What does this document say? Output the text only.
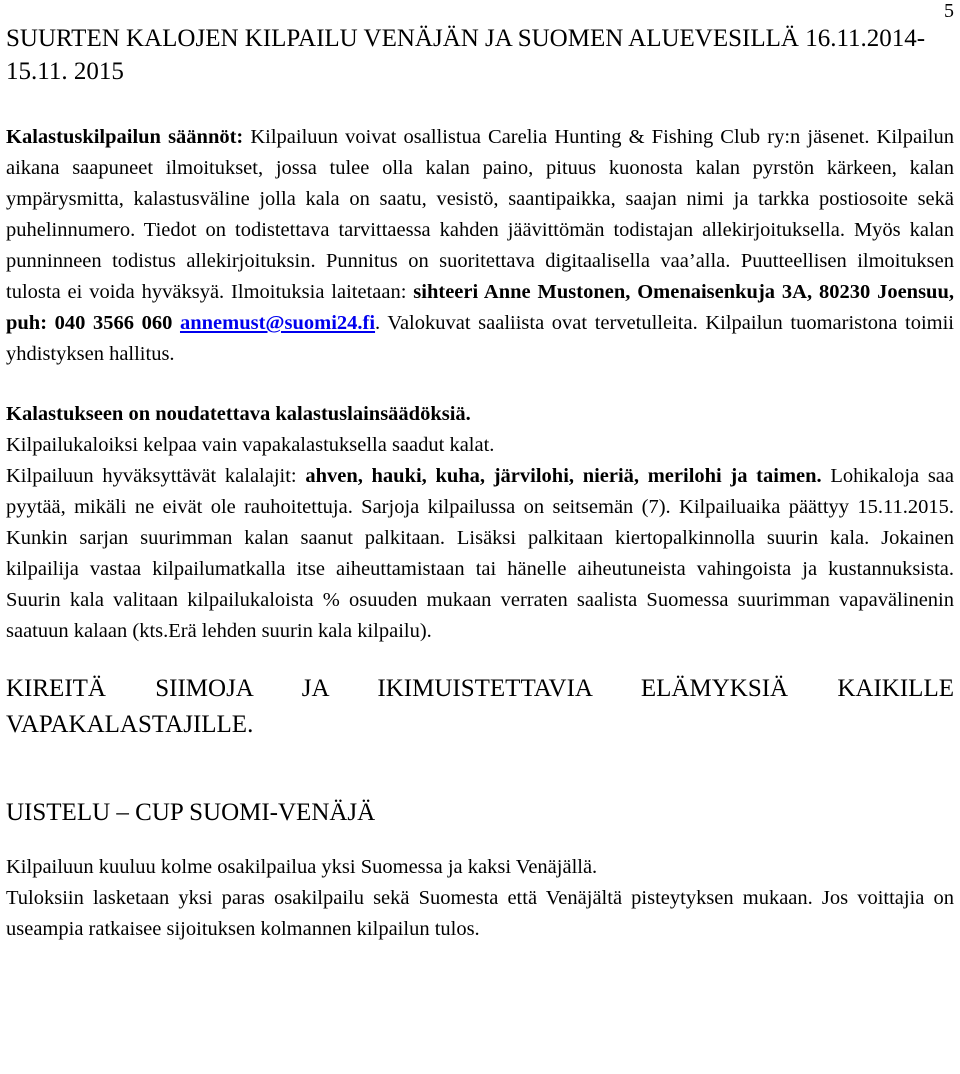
5
SUURTEN KALOJEN KILPAILU VENÄJÄN JA SUOMEN ALUEVESILLÄ 16.11.2014-15.11. 2015

Kalastuskilpailun säännöt: Kilpailuun voivat osallistua Carelia Hunting & Fishing Club ry:n jäsenet. Kilpailun aikana saapuneet ilmoitukset, jossa tulee olla kalan paino, pituus kuonosta kalan pyrstön kärkeen, kalan ympärysmitta, kalastusväline jolla kala on saatu, vesistö, saantipaikka, saajan nimi ja tarkka postiosoite sekä puhelinnumero. Tiedot on todistettava tarvittaessa kahden jäävittömän todistajan allekirjoituksella. Myös kalan punninneen todistus allekirjoituksin. Punnitus on suoritettava digitaalisella vaa’alla. Puutteellisen ilmoituksen tulosta ei voida hyväksyä. Ilmoituksia laitetaan: sihteeri Anne Mustonen, Omenaisenkuja 3A, 80230 Joensuu, puh: 040 3566 060 annemust@suomi24.fi. Valokuvat saaliista ovat tervetulleita. Kilpailun tuomaristona toimii yhdistyksen hallitus.

Kalastukseen on noudatettava kalastuslainsäädöksiä.

Kilpailukaloiksi kelpaa vain vapakalastuksella saadut kalat.

Kilpailuun hyväksyttävät kalalajit: ahven, hauki, kuha, järvilohi, nieriä, merilohi ja taimen. Lohikaloja saa pyytää, mikäli ne eivät ole rauhoitettuja. Sarjoja kilpailussa on seitsemän (7). Kilpailuaika päättyy 15.11.2015. Kunkin sarjan suurimman kalan saanut palkitaan. Lisäksi palkitaan kiertopalkinnolla suurin kala. Jokainen kilpailija vastaa kilpailumatkalla itse aiheuttamistaan tai hänelle aiheutuneista vahingoista ja kustannuksista. Suurin kala valitaan kilpailukaloista % osuuden mukaan verraten saalista Suomessa suurimman vapavälinenin saatuun kalaan (kts.Erä lehden suurin kala kilpailu).

KIREITÄ SIIMOJA JA IKIMUISTETTAVIA ELÄMYKSIÄ KAIKILLE VAPAKALASTAJILLE.

UISTELU – CUP SUOMI-VENÄJÄ

Kilpailuun kuuluu kolme osakilpailua yksi Suomessa ja kaksi Venäjällä.

Tuloksiin lasketaan yksi paras osakilpailu sekä Suomesta että Venäjältä pisteytyksen mukaan. Jos voittajia on useampia ratkaisee sijoituksen kolmannen kilpailun tulos.
